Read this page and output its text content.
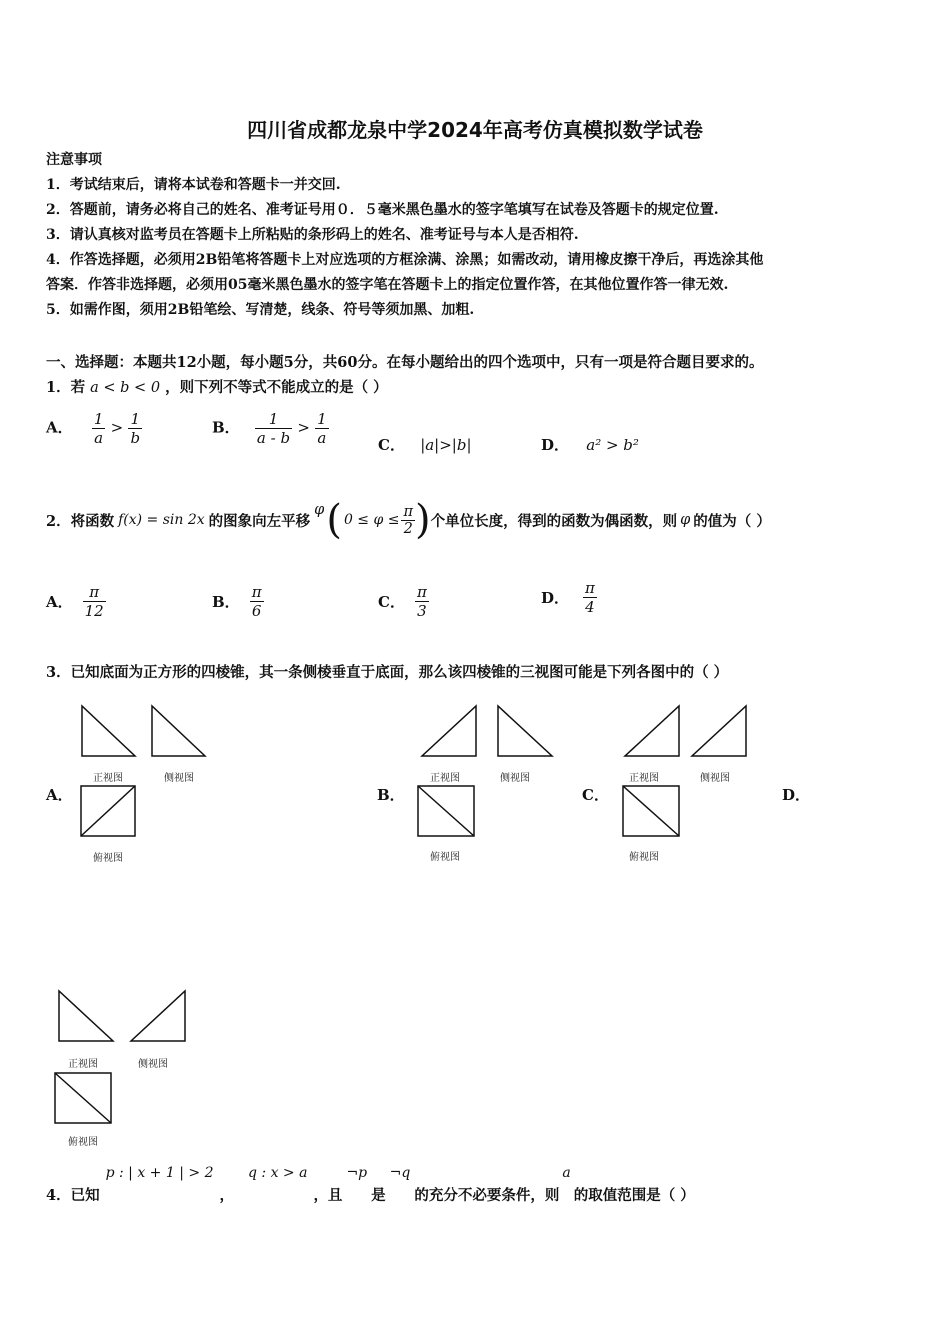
四川省成都龙泉中学2024年高考仿真模拟数学试卷
注意事项
1．考试结束后，请将本试卷和答题卡一并交回.
2．答题前，请务必将自己的姓名、准考证号用０．５毫米黑色墨水的签字笔填写在试卷及答题卡的规定位置.
3．请认真核对监考员在答题卡上所粘贴的条形码上的姓名、准考证号与本人是否相符.
4．作答选择题，必须用2B铅笔将答题卡上对应选项的方框涂满、涂黑；如需改动，请用橡皮擦干净后，再选涂其他
答案．作答非选择题，必须用05毫米黑色墨水的签字笔在答题卡上的指定位置作答，在其他位置作答一律无效.
5．如需作图，须用2B铅笔绘、写清楚，线条、符号等须加黑、加粗.
一、选择题：本题共12小题，每小题5分，共60分。在每小题给出的四个选项中，只有一项是符合题目要求的。
1．若 a < b < 0 ，则下列不等式不能成立的是（ ）
A． $\frac{1}{a} > \frac{1}{b}$	B． $\frac{1}{a - b} > \frac{1}{a}$	C． |a|>|b|	D． a² > b²
2．将函数 f(x) = sin 2x 的图象向左平移
φ ( $0 \le \varphi \le \frac{\pi}{2}$ ) 个单位长度，得到的函数为偶函数，则 φ 的值为（ ）
A． $\frac{\pi}{12}$	B． $\frac{\pi}{6}$	C． $\frac{\pi}{3}$	D． $\frac{\pi}{4}$
3．已知底面为正方形的四棱锥，其一条侧棱垂直于底面，那么该四棱锥的三视图可能是下列各图中的（ ）
A．
正视图	侧视图
俯视图
B．
正视图	侧视图
俯视图
C．
正视图	侧视图
俯视图
D．
正视图	侧视图
俯视图
4．已知
p : | x + 1 | > 2
，
q : x > a
，且
¬p
是
¬q
的充分不必要条件，则
a
的取值范围是（ ）
